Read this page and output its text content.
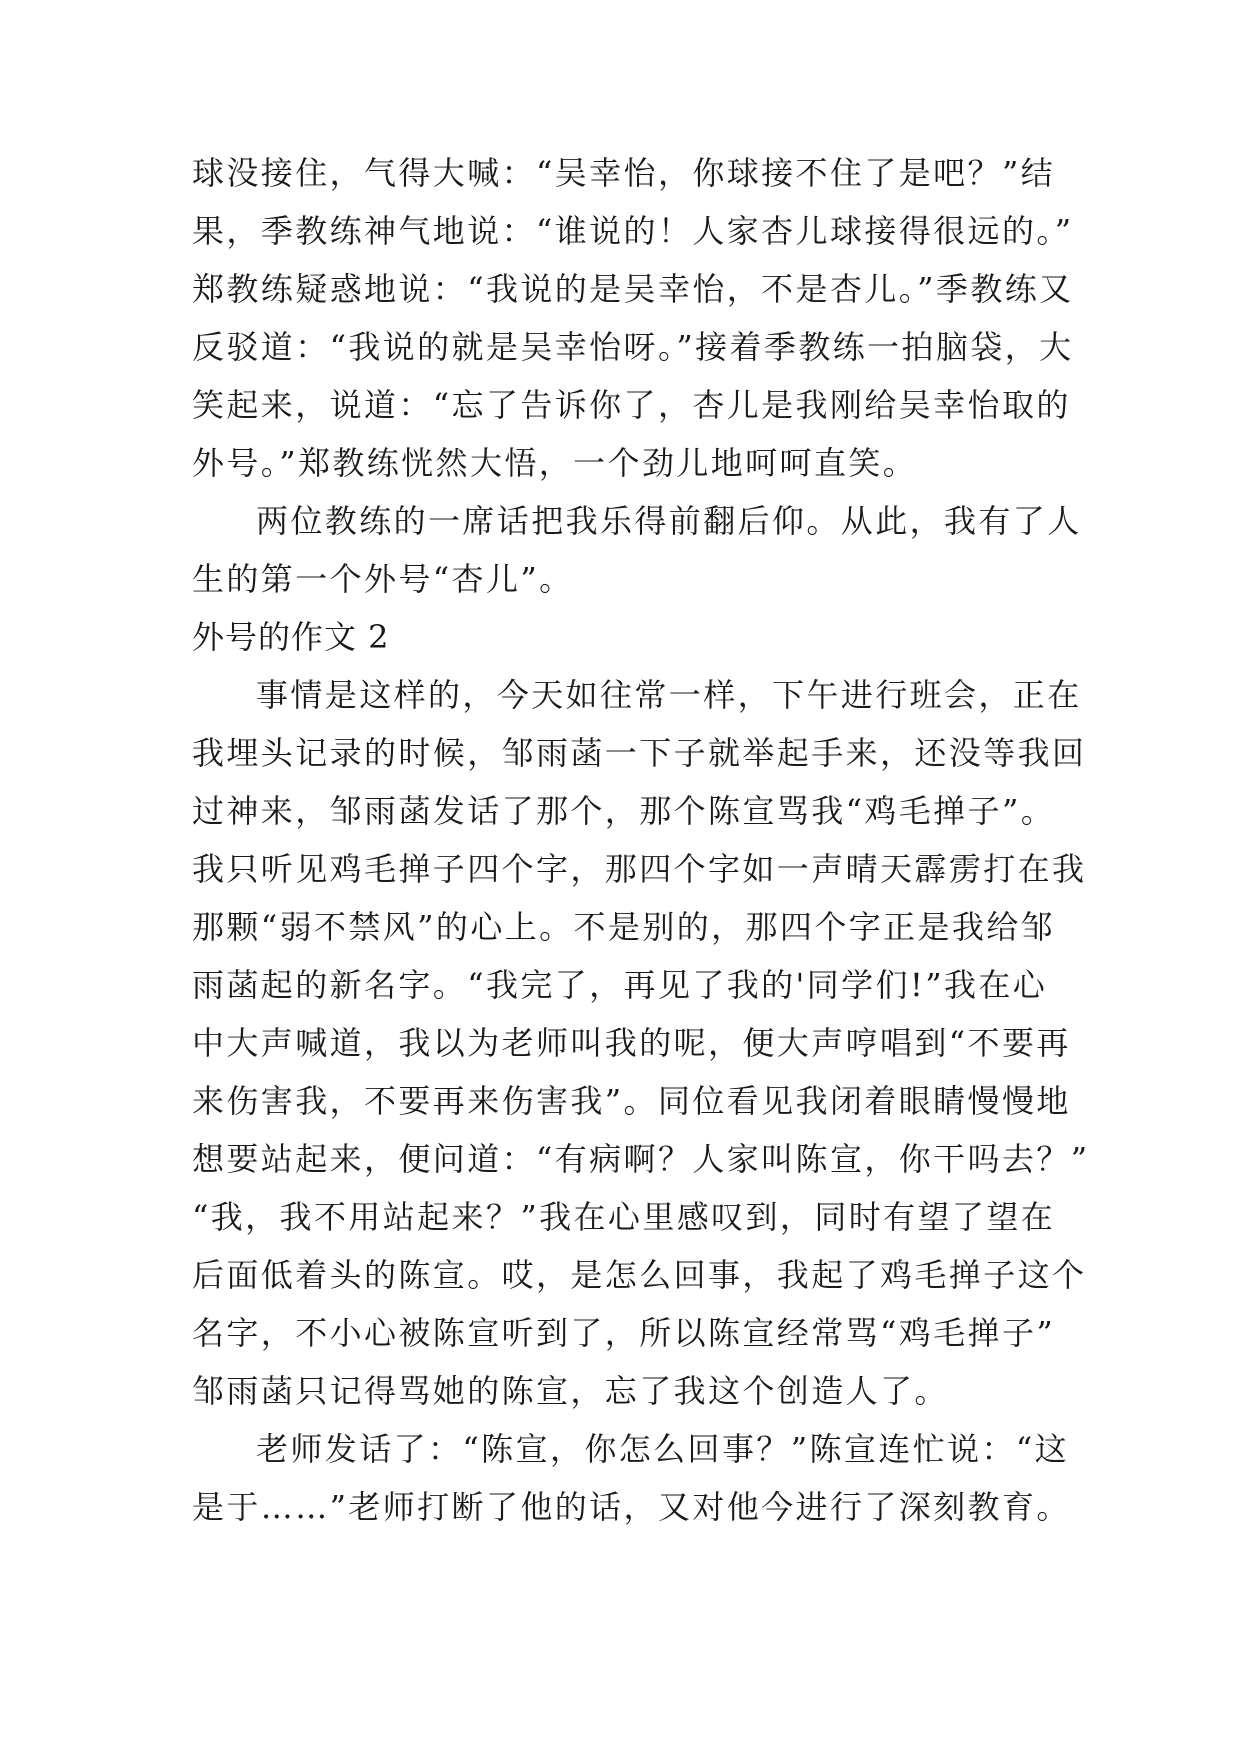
球没接住，气得大喊：“吴幸怡，你球接不住了是吧？”结
果，季教练神气地说：“谁说的！人家杏儿球接得很远的。”
郑教练疑惑地说：“我说的是吴幸怡，不是杏儿。”季教练又
反驳道：“我说的就是吴幸怡呀。”接着季教练一拍脑袋，大
笑起来，说道：“忘了告诉你了，杏儿是我刚给吴幸怡取的
外号。”郑教练恍然大悟，一个劲儿地呵呵直笑。
两位教练的一席话把我乐得前翻后仰。从此，我有了人
生的第一个外号“杏儿”。
外号的作文 2
事情是这样的，今天如往常一样，下午进行班会，正在
我埋头记录的时候，邹雨菡一下子就举起手来，还没等我回
过神来，邹雨菡发话了那个，那个陈宣骂我“鸡毛掸子”。
我只听见鸡毛掸子四个字，那四个字如一声晴天霹雳打在我
那颗“弱不禁风”的心上。不是别的，那四个字正是我给邹
雨菡起的新名字。“我完了，再见了我的'同学们!”我在心
中大声喊道，我以为老师叫我的呢，便大声哼唱到“不要再
来伤害我，不要再来伤害我”。同位看见我闭着眼睛慢慢地
想要站起来，便问道：“有病啊？人家叫陈宣，你干吗去？”
“我，我不用站起来？”我在心里感叹到，同时有望了望在
后面低着头的陈宣。哎，是怎么回事，我起了鸡毛掸子这个
名字，不小心被陈宣听到了，所以陈宣经常骂“鸡毛掸子”
邹雨菡只记得骂她的陈宣，忘了我这个创造人了。
老师发话了：“陈宣，你怎么回事？”陈宣连忙说：“这
是于……”老师打断了他的话，又对他今进行了深刻教育。
